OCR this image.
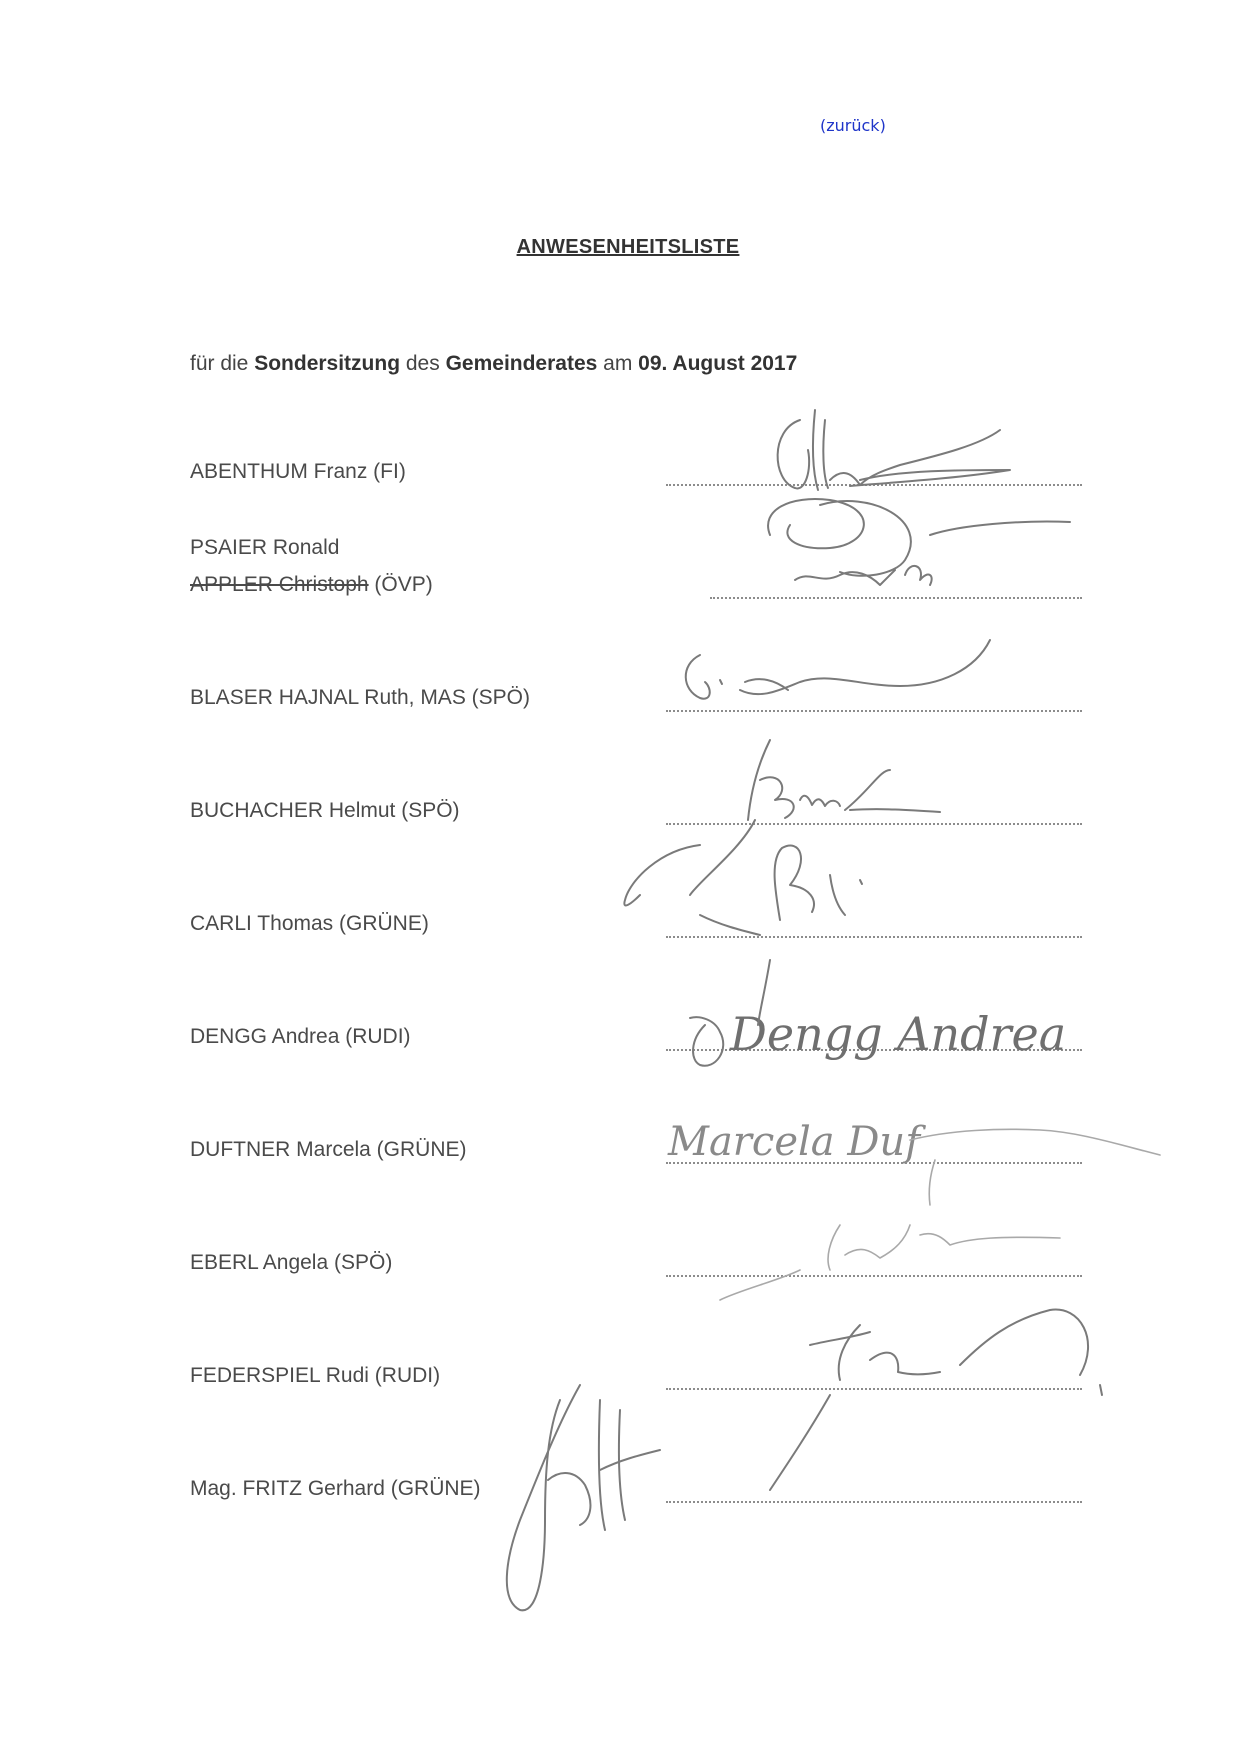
(zurück)
ANWESENHEITSLISTE
für die Sondersitzung des Gemeinderates am 09. August 2017
ABENTHUM Franz (FI)
PSAIER Ronald
APPLER Christoph (ÖVP)
BLASER HAJNAL Ruth, MAS (SPÖ)
BUCHACHER Helmut (SPÖ)
CARLI Thomas (GRÜNE)
DENGG Andrea (RUDI)
DUFTNER Marcela (GRÜNE)
EBERL Angela (SPÖ)
FEDERSPIEL Rudi (RUDI)
Mag. FRITZ Gerhard (GRÜNE)
Dengg Andrea
Marcela Duf
